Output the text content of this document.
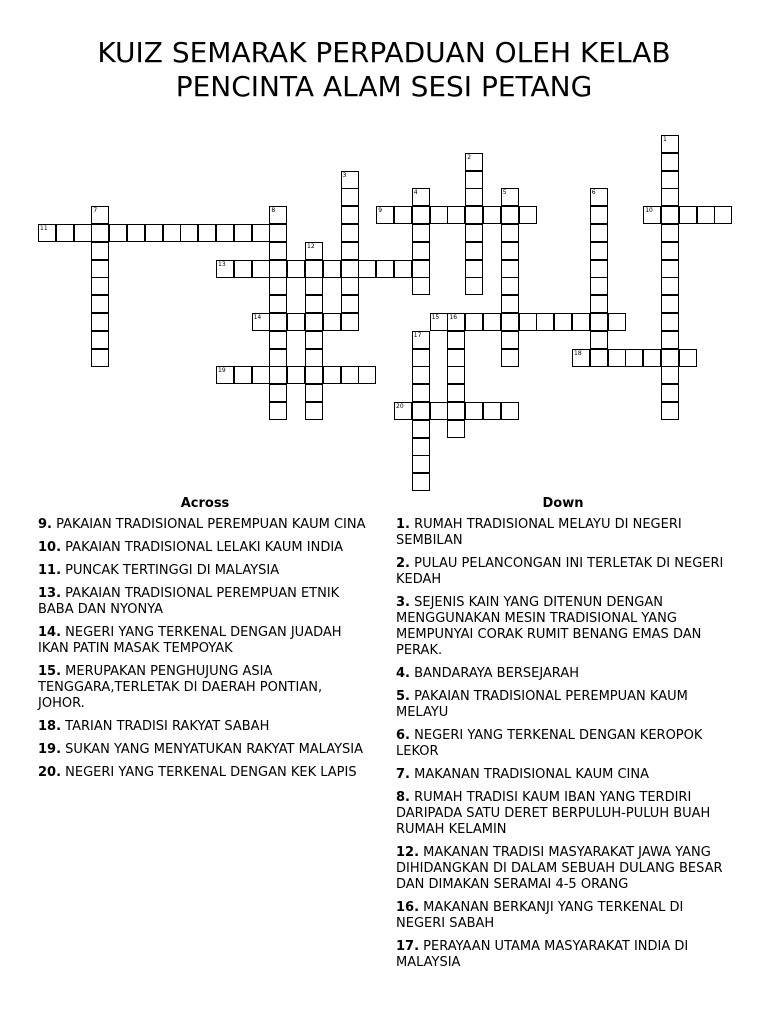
KUIZ SEMARAK PERPADUAN OLEH KELAB
PENCINTA ALAM SESI PETANG
1
2
3
4	5	6
7	8	9	10
11
12
13
14	15 16
17
18
19
20
Across	Down
9. PAKAIAN TRADISIONAL PEREMPUAN KAUM CINA
10. PAKAIAN TRADISIONAL LELAKI KAUM INDIA
11. PUNCAK TERTINGGI DI MALAYSIA
13. PAKAIAN TRADISIONAL PEREMPUAN ETNIK BABA DAN NYONYA
14. NEGERI YANG TERKENAL DENGAN JUADAH IKAN PATIN MASAK TEMPOYAK
15. MERUPAKAN PENGHUJUNG ASIA TENGGARA,TERLETAK DI DAERAH PONTIAN, JOHOR.
18. TARIAN TRADISI RAKYAT SABAH
19. SUKAN YANG MENYATUKAN RAKYAT MALAYSIA
20. NEGERI YANG TERKENAL DENGAN KEK LAPIS
1. RUMAH TRADISIONAL MELAYU DI NEGERI SEMBILAN
2. PULAU PELANCONGAN INI TERLETAK DI NEGERI KEDAH
3. SEJENIS KAIN YANG DITENUN DENGAN MENGGUNAKAN MESIN TRADISIONAL YANG MEMPUNYAI CORAK RUMIT BENANG EMAS DAN PERAK.
4. BANDARAYA BERSEJARAH
5. PAKAIAN TRADISIONAL PEREMPUAN KAUM MELAYU
6. NEGERI YANG TERKENAL DENGAN KEROPOK LEKOR
7. MAKANAN TRADISIONAL KAUM CINA
8. RUMAH TRADISI KAUM IBAN YANG TERDIRI DARIPADA SATU DERET BERPULUH-PULUH BUAH RUMAH KELAMIN
12. MAKANAN TRADISI MASYARAKAT JAWA YANG DIHIDANGKAN DI DALAM SEBUAH DULANG BESAR DAN DIMAKAN SERAMAI 4-5 ORANG
16. MAKANAN BERKANJI YANG TERKENAL DI NEGERI SABAH
17. PERAYAAN UTAMA MASYARAKAT INDIA DI MALAYSIA
